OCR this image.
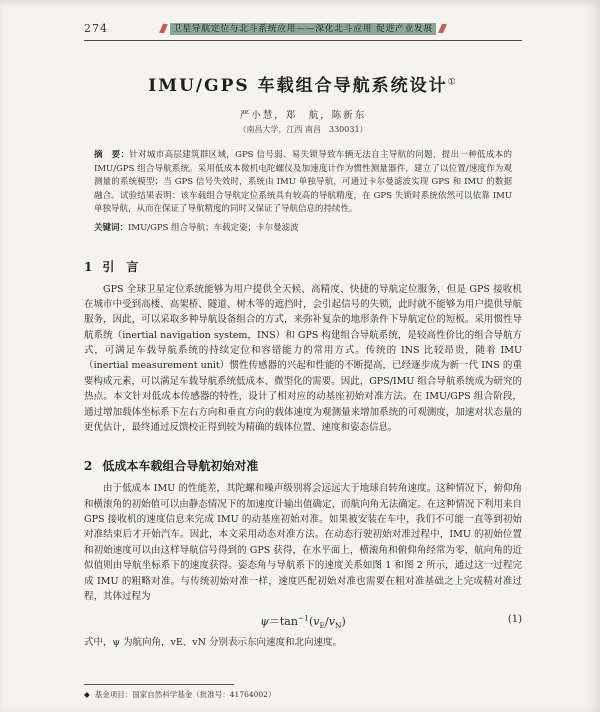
274	卫星导航定位与北斗系统应用——深化北斗应用 促进产业发展
IMU/GPS 车载组合导航系统设计①
严小慧，郑　航，陈新东
（南昌大学，江西 南昌　330031）
摘　要：针对城市高层建筑群区域，GPS 信号弱、易失锁导致车辆无法自主导航的问题，提出一种低成本的 IMU/GPS 组合导航系统。采用低成本微机电陀螺仪及加速度计作为惯性测量器件，建立了以位置/速度作为观测量的系统模型；当 GPS 信号失效时，系统由 IMU 单独导航，可通过卡尔曼滤波实现 GPS 和 IMU 的数据融合。试验结果表明：该车载组合导航定位系统具有较高的导航精度，在 GPS 失锁时系统依然可以依靠 IMU 单独导航，从而在保证了导航精度的同时又保证了导航信息的持续性。
关键词：IMU/GPS 组合导航；车载定姿；卡尔曼滤波
1 引　言
GPS 全球卫星定位系统能够为用户提供全天候、高精度、快捷的导航定位服务，但是 GPS 接收机在城市中受到高楼、高架桥、隧道、树木等的遮挡时，会引起信号的失锁，此时就不能够为用户提供导航服务，因此，可以采取多种导航设备组合的方式，来弥补复杂的地形条件下导航定位的短板。采用惯性导航系统（inertial navigation system，INS）和 GPS 构建组合导航系统，是较高性价比的组合导航方式，可满足车载导航系统的持续定位和容错能力的常用方式。传统的 INS 比较昂贵，随着 IMU（inertial measurement unit）惯性传感器的兴起和性能的不断提高，已经逐步成为新一代 INS 的重要构成元素，可以满足车载导航系统低成本、微型化的需要。因此，GPS/IMU 组合导航系统成为研究的热点。本文针对低成本传感器的特性，设计了相对应的动基座初始对准方法。在 IMU/GPS 组合阶段，通过增加载体坐标系下左右方向和垂直方向的载体速度为观测量来增加系统的可观测度，加速对状态量的更优估计，最终通过反馈校正得到较为精确的载体位置、速度和姿态信息。
2 低成本车载组合导航初始对准
由于低成本 IMU 的性能差，其陀螺和噪声级别将会远远大于地球自转角速度。这种情况下，俯仰角和横滚角的初始值可以由静态情况下的加速度计输出值确定，而航向角无法确定。在这种情况下利用来自 GPS 接收机的速度信息来完成 IMU 的动基座初始对准。如果被安装在车中，我们不可能一直等到初始对准结束后才开始汽车。因此，本文采用动态对准方法。在动态行驶初始对准过程中，IMU 的初始位置和初始速度可以由这样导航信号得到的 GPS 获得，在水平面上，横滚角和俯仰角经常为零，航向角的近似值则由导航坐标系下的速度获得。姿态角与导航系下的速度关系如图 1 和图 2 所示，通过这一过程完成 IMU 的粗略对准。与传统初始对准一样，速度匹配初始对准也需要在粗对准基础之上完成精对准过程，其体过程为
$\psi=\tan^{-1}(v_E/v_N)$	(1)
式中，ψ 为航向角，vE、vN 分别表示东向速度和北向速度。
◆ 基金项目：国家自然科学基金（批准号：41764002）
